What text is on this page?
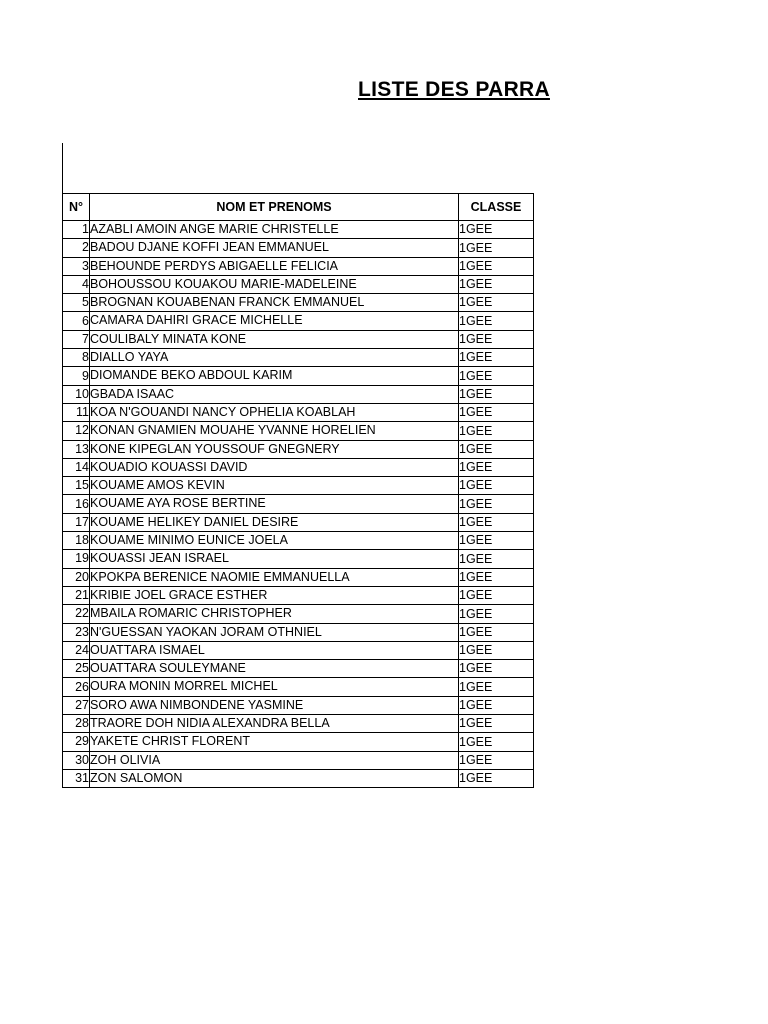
LISTE DES PARRA
N°	NOM ET PRENOMS	CLASSE
1	AZABLI AMOIN ANGE MARIE CHRISTELLE	1GEE
2	BADOU DJANE KOFFI JEAN EMMANUEL	1GEE
3	BEHOUNDE PERDYS ABIGAELLE FELICIA	1GEE
4	BOHOUSSOU KOUAKOU MARIE-MADELEINE	1GEE
5	BROGNAN KOUABENAN FRANCK EMMANUEL	1GEE
6	CAMARA DAHIRI GRACE MICHELLE	1GEE
7	COULIBALY MINATA KONE	1GEE
8	DIALLO YAYA	1GEE
9	DIOMANDE BEKO ABDOUL KARIM	1GEE
10	GBADA ISAAC	1GEE
11	KOA N'GOUANDI NANCY OPHELIA KOABLAH	1GEE
12	KONAN GNAMIEN MOUAHE YVANNE HORELIEN	1GEE
13	KONE KIPEGLAN YOUSSOUF GNEGNERY	1GEE
14	KOUADIO KOUASSI DAVID	1GEE
15	KOUAME AMOS KEVIN	1GEE
16	KOUAME AYA ROSE BERTINE	1GEE
17	KOUAME HELIKEY DANIEL DESIRE	1GEE
18	KOUAME MINIMO EUNICE JOELA	1GEE
19	KOUASSI JEAN ISRAEL	1GEE
20	KPOKPA BERENICE NAOMIE EMMANUELLA	1GEE
21	KRIBIE JOEL GRACE ESTHER	1GEE
22	MBAILA ROMARIC CHRISTOPHER	1GEE
23	N'GUESSAN YAOKAN JORAM OTHNIEL	1GEE
24	OUATTARA ISMAEL	1GEE
25	OUATTARA SOULEYMANE	1GEE
26	OURA MONIN MORREL MICHEL	1GEE
27	SORO AWA NIMBONDENE YASMINE	1GEE
28	TRAORE DOH NIDIA ALEXANDRA BELLA	1GEE
29	YAKETE CHRIST FLORENT	1GEE
30	ZOH OLIVIA	1GEE
31	ZON SALOMON	1GEE
